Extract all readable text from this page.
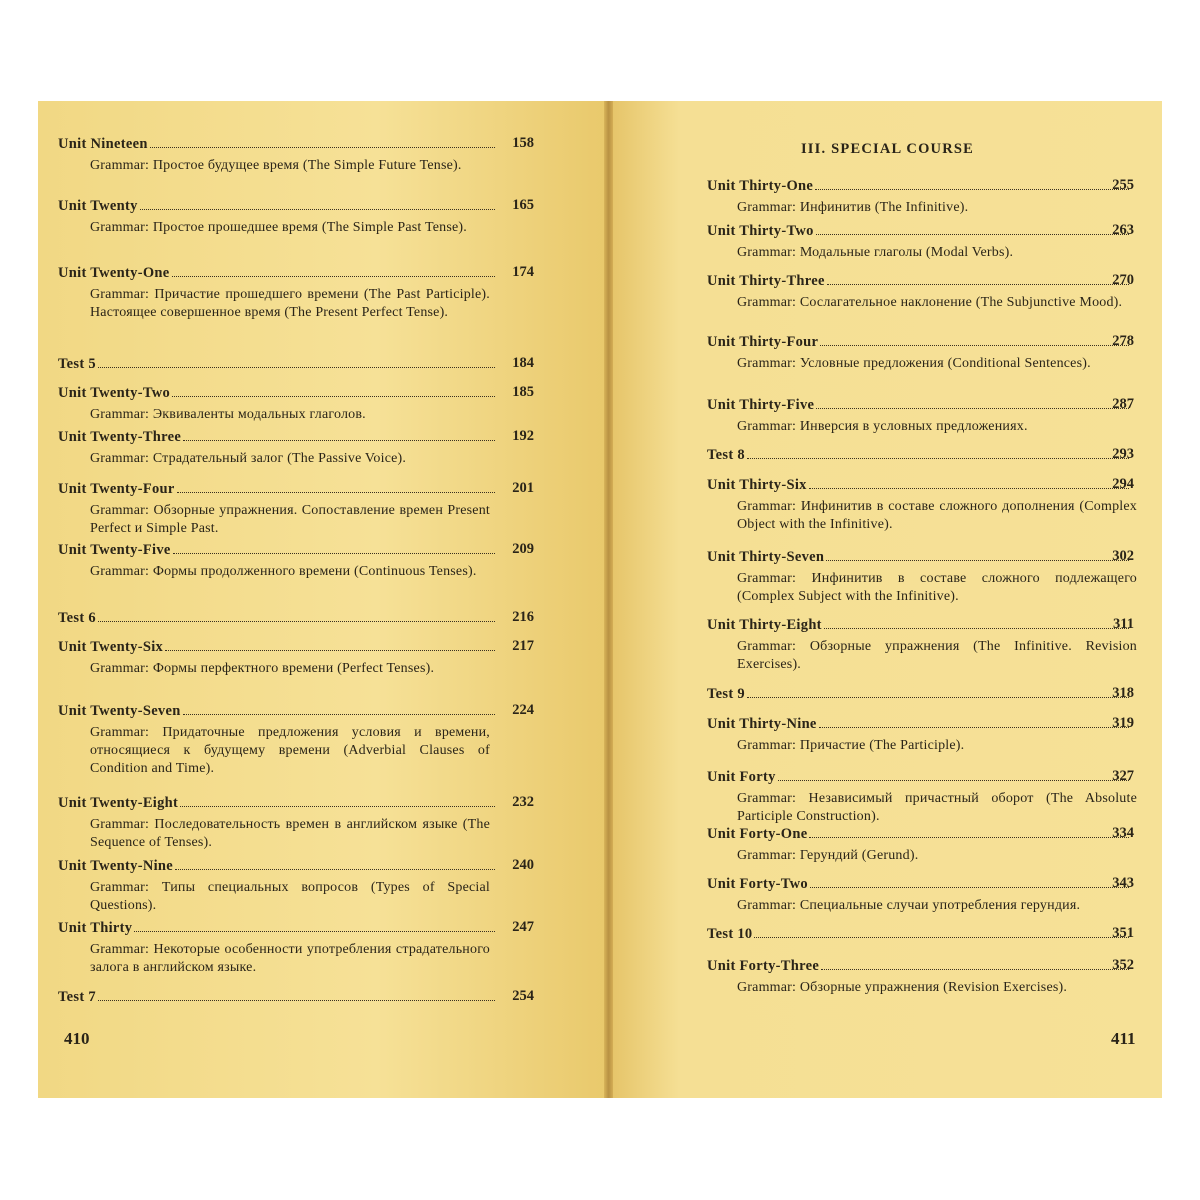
Unit Nineteen	158
Grammar: Простое будущее время (The Simple Future Tense).
Unit Twenty	165
Grammar: Простое прошедшее время (The Simple Past Tense).
Unit Twenty-One	174
Grammar: Причастие прошедшего времени (The Past Participle). Настоящее совершенное время (The Present Perfect Tense).
Test 5	184
Unit Twenty-Two	185
Grammar: Эквиваленты модальных глаголов.
Unit Twenty-Three	192
Grammar: Страдательный залог (The Passive Voice).
Unit Twenty-Four	201
Grammar: Обзорные упражнения. Сопоставление времен Present Perfect и Simple Past.
Unit Twenty-Five	209
Grammar: Формы продолженного времени (Continuous Tenses).
Test 6	216
Unit Twenty-Six	217
Grammar: Формы перфектного времени (Perfect Tenses).
Unit Twenty-Seven	224
Grammar: Придаточные предложения условия и времени, относящиеся к будущему времени (Adverbial Clauses of Condition and Time).
Unit Twenty-Eight	232
Grammar: Последовательность времен в английском языке (The Sequence of Tenses).
Unit Twenty-Nine	240
Grammar: Типы специальных вопросов (Types of Special Questions).
Unit Thirty	247
Grammar: Некоторые особенности употребления страдательного залога в английском языке.
Test 7	254
410
III. SPECIAL COURSE
Unit Thirty-One	255
Grammar: Инфинитив (The Infinitive).
Unit Thirty-Two	263
Grammar: Модальные глаголы (Modal Verbs).
Unit Thirty-Three	270
Grammar: Сослагательное наклонение (The Subjunctive Mood).
Unit Thirty-Four	278
Grammar: Условные предложения (Conditional Sentences).
Unit Thirty-Five	287
Grammar: Инверсия в условных предложениях.
Test 8	293
Unit Thirty-Six	294
Grammar: Инфинитив в составе сложного дополнения (Complex Object with the Infinitive).
Unit Thirty-Seven	302
Grammar: Инфинитив в составе сложного подлежащего (Complex Subject with the Infinitive).
Unit Thirty-Eight	311
Grammar: Обзорные упражнения (The Infinitive. Revision Exercises).
Test 9	318
Unit Thirty-Nine	319
Grammar: Причастие (The Participle).
Unit Forty	327
Grammar: Независимый причастный оборот (The Absolute Participle Construction).
Unit Forty-One	334
Grammar: Герундий (Gerund).
Unit Forty-Two	343
Grammar: Специальные случаи употребления герундия.
Test 10	351
Unit Forty-Three	352
Grammar: Обзорные упражнения (Revision Exercises).
411
